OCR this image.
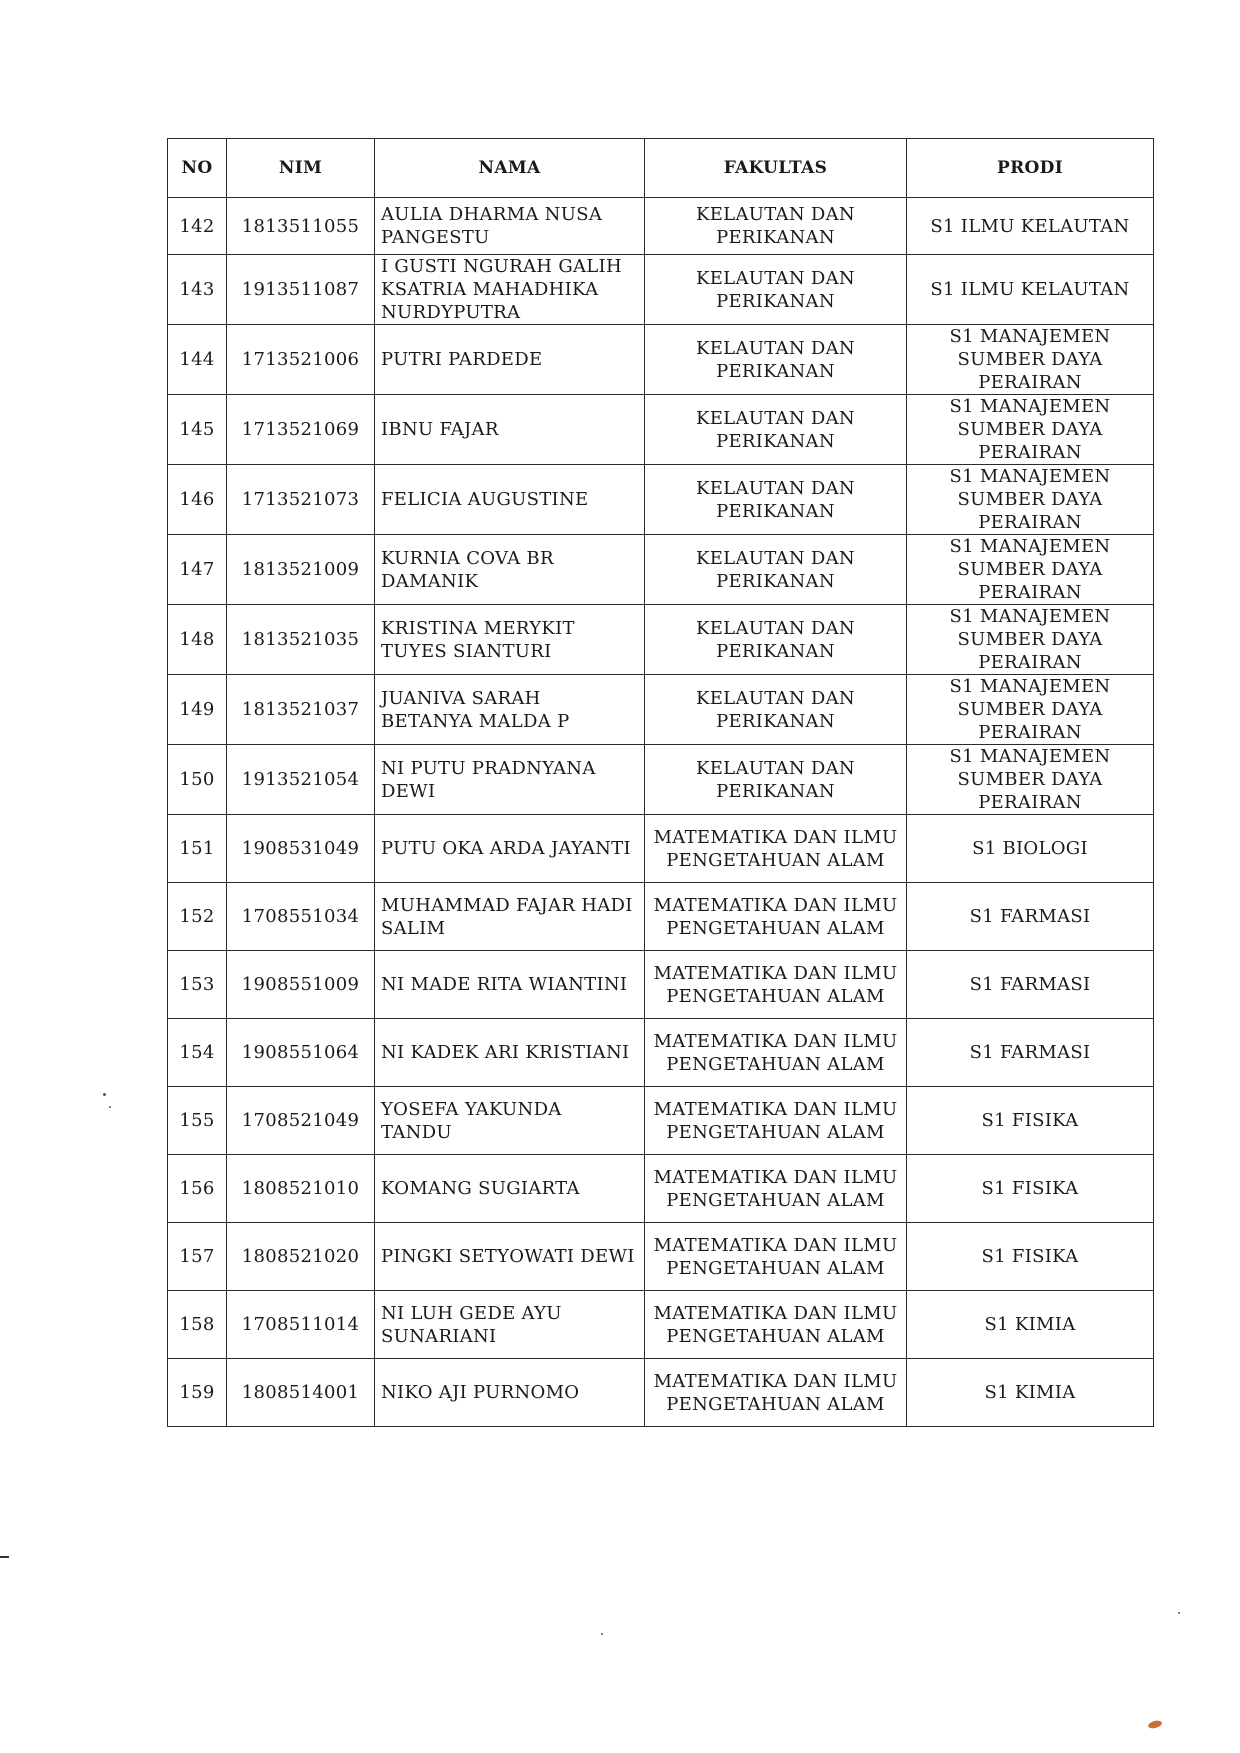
NO	NIM	NAMA	FAKULTAS	PRODI
142	1813511055	AULIA DHARMA NUSA PANGESTU	KELAUTAN DAN PERIKANAN	S1 ILMU KELAUTAN
143	1913511087	I GUSTI NGURAH GALIH KSATRIA MAHADHIKA NURDYPUTRA	KELAUTAN DAN PERIKANAN	S1 ILMU KELAUTAN
144	1713521006	PUTRI PARDEDE	KELAUTAN DAN PERIKANAN	S1 MANAJEMEN SUMBER DAYA PERAIRAN
145	1713521069	IBNU FAJAR	KELAUTAN DAN PERIKANAN	S1 MANAJEMEN SUMBER DAYA PERAIRAN
146	1713521073	FELICIA AUGUSTINE	KELAUTAN DAN PERIKANAN	S1 MANAJEMEN SUMBER DAYA PERAIRAN
147	1813521009	KURNIA COVA BR DAMANIK	KELAUTAN DAN PERIKANAN	S1 MANAJEMEN SUMBER DAYA PERAIRAN
148	1813521035	KRISTINA MERYKIT TUYES SIANTURI	KELAUTAN DAN PERIKANAN	S1 MANAJEMEN SUMBER DAYA PERAIRAN
149	1813521037	JUANIVA SARAH BETANYA MALDA P	KELAUTAN DAN PERIKANAN	S1 MANAJEMEN SUMBER DAYA PERAIRAN
150	1913521054	NI PUTU PRADNYANA DEWI	KELAUTAN DAN PERIKANAN	S1 MANAJEMEN SUMBER DAYA PERAIRAN
151	1908531049	PUTU OKA ARDA JAYANTI	MATEMATIKA DAN ILMU PENGETAHUAN ALAM	S1 BIOLOGI
152	1708551034	MUHAMMAD FAJAR HADI SALIM	MATEMATIKA DAN ILMU PENGETAHUAN ALAM	S1 FARMASI
153	1908551009	NI MADE RITA WIANTINI	MATEMATIKA DAN ILMU PENGETAHUAN ALAM	S1 FARMASI
154	1908551064	NI KADEK ARI KRISTIANI	MATEMATIKA DAN ILMU PENGETAHUAN ALAM	S1 FARMASI
155	1708521049	YOSEFA YAKUNDA TANDU	MATEMATIKA DAN ILMU PENGETAHUAN ALAM	S1 FISIKA
156	1808521010	KOMANG SUGIARTA	MATEMATIKA DAN ILMU PENGETAHUAN ALAM	S1 FISIKA
157	1808521020	PINGKI SETYOWATI DEWI	MATEMATIKA DAN ILMU PENGETAHUAN ALAM	S1 FISIKA
158	1708511014	NI LUH GEDE AYU SUNARIANI	MATEMATIKA DAN ILMU PENGETAHUAN ALAM	S1 KIMIA
159	1808514001	NIKO AJI PURNOMO	MATEMATIKA DAN ILMU PENGETAHUAN ALAM	S1 KIMIA
